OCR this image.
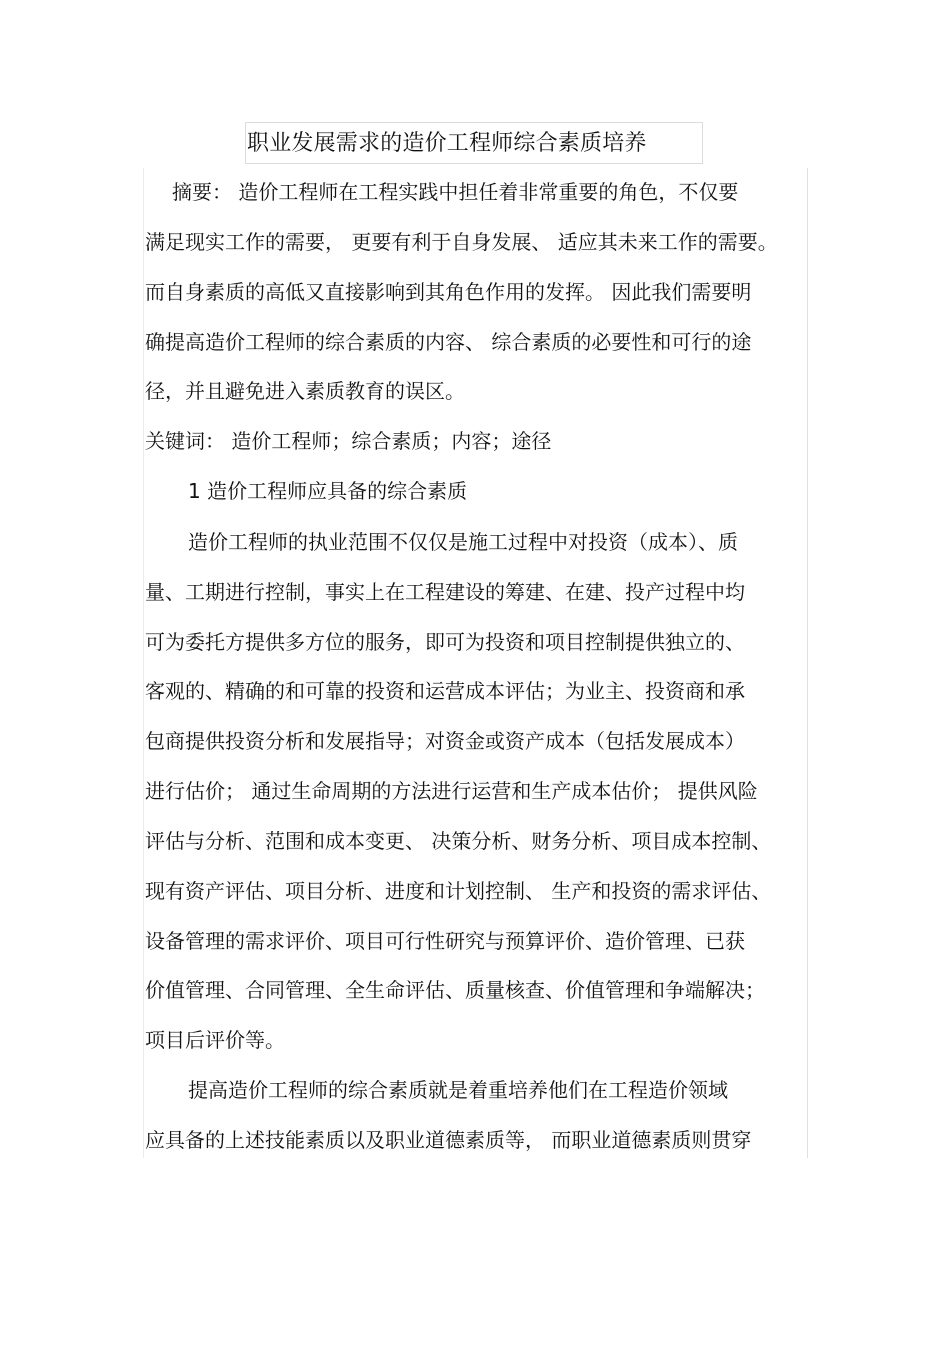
职业发展需求的造价工程师综合素质培养
摘要： 造价工程师在工程实践中担任着非常重要的角色，不仅要
满足现实工作的需要， 更要有利于自身发展、 适应其未来工作的需要。
而自身素质的高低又直接影响到其角色作用的发挥。 因此我们需要明
确提高造价工程师的综合素质的内容、 综合素质的必要性和可行的途
径，并且避免进入素质教育的误区。
关键词： 造价工程师；综合素质；内容；途径
1 造价工程师应具备的综合素质
造价工程师的执业范围不仅仅是施工过程中对投资（成本）、质
量、工期进行控制，事实上在工程建设的筹建、在建、投产过程中均
可为委托方提供多方位的服务，即可为投资和项目控制提供独立的、
客观的、精确的和可靠的投资和运营成本评估；为业主、投资商和承
包商提供投资分析和发展指导；对资金或资产成本（包括发展成本）
进行估价； 通过生命周期的方法进行运营和生产成本估价； 提供风险
评估与分析、范围和成本变更、 决策分析、财务分析、项目成本控制、
现有资产评估、项目分析、进度和计划控制、 生产和投资的需求评估、
设备管理的需求评价、项目可行性研究与预算评价、造价管理、已获
价值管理、合同管理、全生命评估、质量核查、价值管理和争端解决；
项目后评价等。
提高造价工程师的综合素质就是着重培养他们在工程造价领域
应具备的上述技能素质以及职业道德素质等， 而职业道德素质则贯穿
